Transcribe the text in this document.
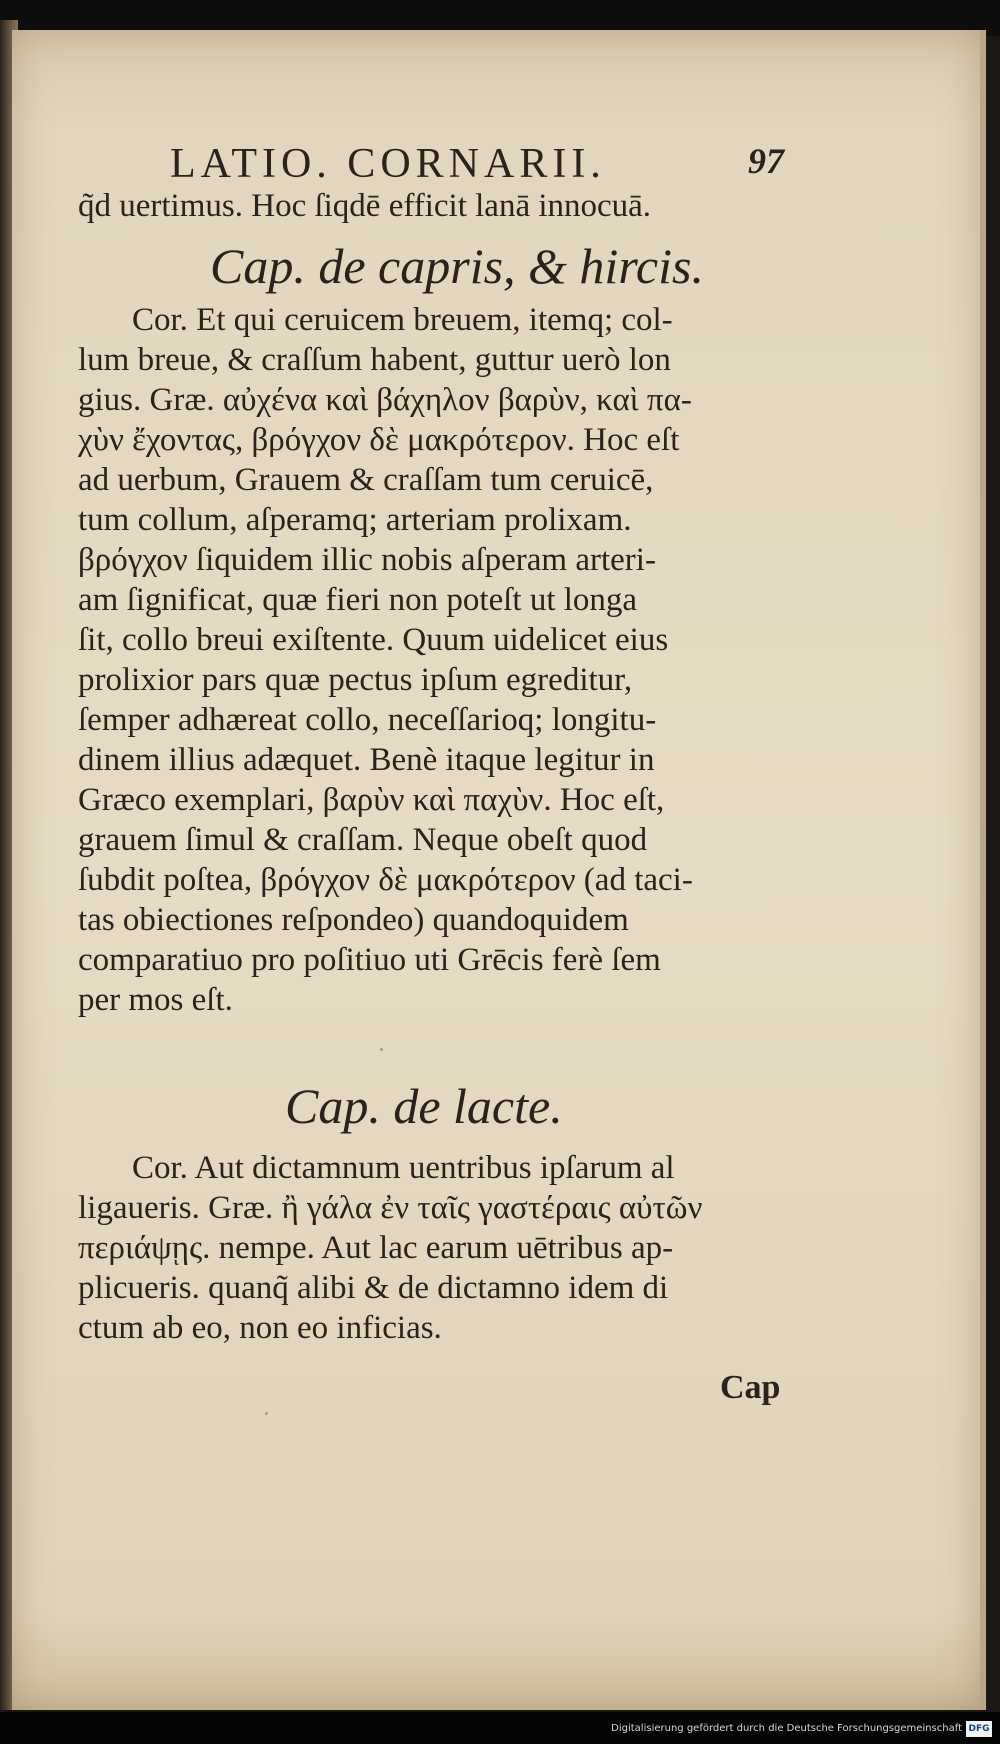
LATIO. CORNARII.	97
q̃d uertimus. Hoc ſiqdē efficit lanā innocuā.
Cap. de capris, & hircis.
Cor. Et qui ceruicem breuem, itemq; col-
lum breue, & craſſum habent, guttur uerò lon
gius. Græ. αὐχένα καὶ βάχηλον βαρὺν, καὶ πα-
χὺν ἔχοντας, βρόγχον δὲ μακρότερον. Hoc eſt
ad uerbum, Grauem & craſſam tum ceruicē,
tum collum, aſperamq; arteriam prolixam.
βρόγχον ſiquidem illic nobis aſperam arteri-
am ſignificat, quæ fieri non poteſt ut longa
ſit, collo breui exiſtente. Quum uidelicet eius
prolixior pars quæ pectus ipſum egreditur,
ſemper adhæreat collo, neceſſarioq; longitu-
dinem illius adæquet. Benè itaque legitur in
Græco exemplari, βαρὺν καὶ παχὺν. Hoc eſt,
grauem ſimul & craſſam. Neque obeſt quod
ſubdit poſtea, βρόγχον δὲ μακρότερον (ad taci-
tas obiectiones reſpondeo) quandoquidem
comparatiuo pro poſitiuo uti Grēcis ferè ſem
per mos eſt.
Cap. de lacte.
Cor. Aut dictamnum uentribus ipſarum al
ligaueris. Græ. ἢ γάλα ἐν ταῖς γαστέραις αὐτῶν
περιάψῃς. nempe. Aut lac earum uētribus ap-
plicueris. quanq̃ alibi & de dictamno idem di
ctum ab eo, non eo inficias.
Cap
Digitalisierung gefördert durch die Deutsche Forschungsgemeinschaft DFG
